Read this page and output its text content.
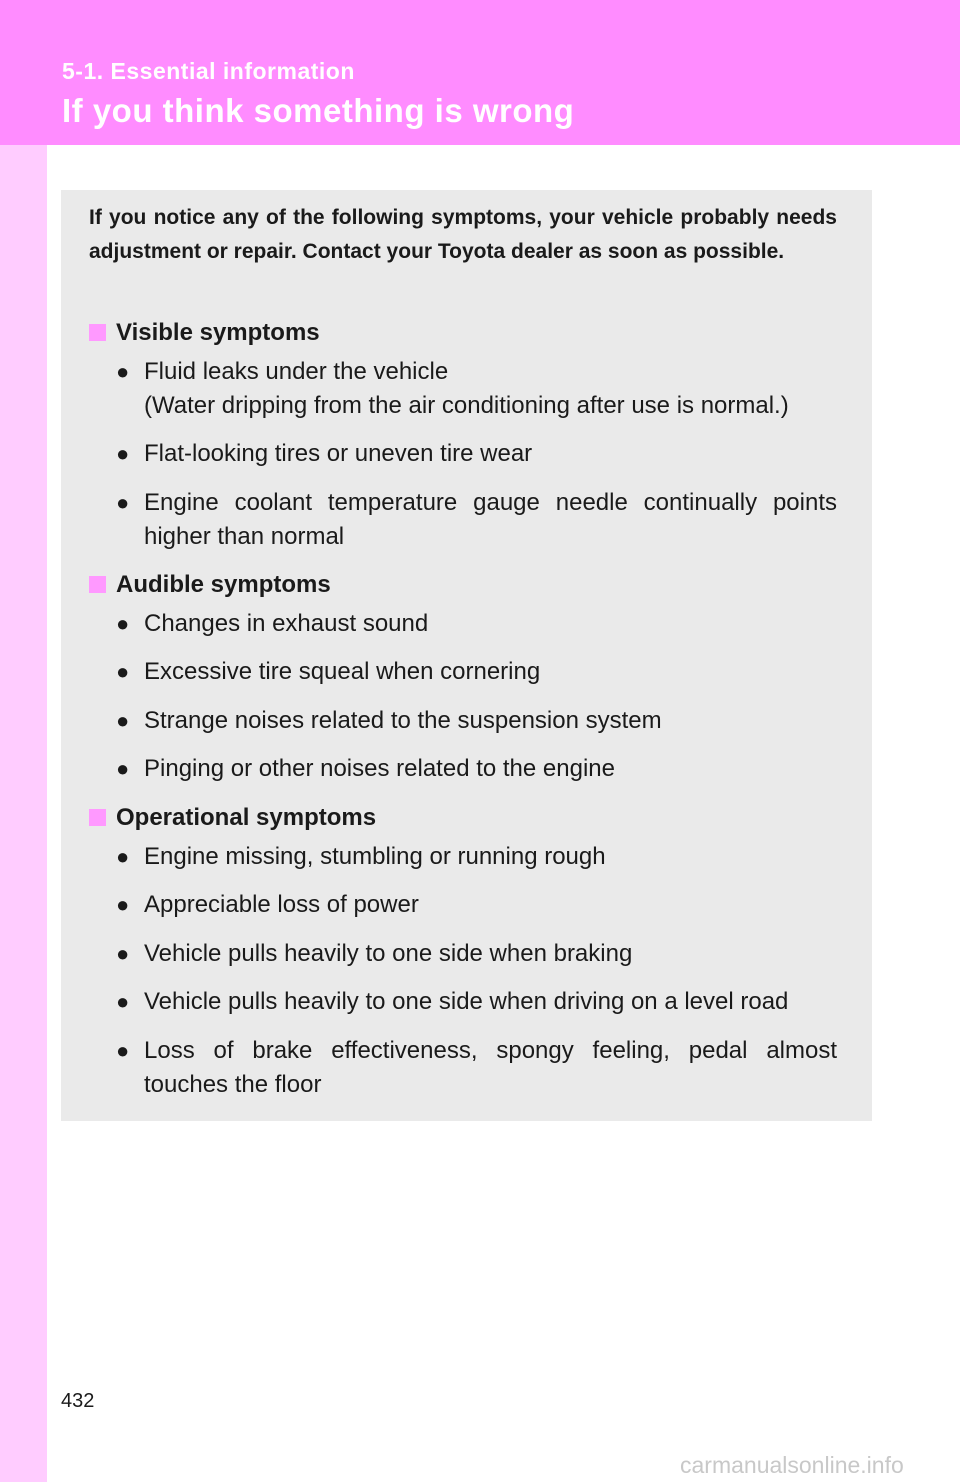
5-1. Essential information
If you think something is wrong
If you notice any of the following symptoms, your vehicle probably needs adjustment or repair. Contact your Toyota dealer as soon as possible.
Visible symptoms
● Fluid leaks under the vehicle
(Water dripping from the air conditioning after use is normal.)
● Flat-looking tires or uneven tire wear
● Engine coolant temperature gauge needle continually points higher than normal
Audible symptoms
● Changes in exhaust sound
● Excessive tire squeal when cornering
● Strange noises related to the suspension system
● Pinging or other noises related to the engine
Operational symptoms
● Engine missing, stumbling or running rough
● Appreciable loss of power
● Vehicle pulls heavily to one side when braking
● Vehicle pulls heavily to one side when driving on a level road
● Loss of brake effectiveness, spongy feeling, pedal almost touches the floor
432
carmanualsonline.info
